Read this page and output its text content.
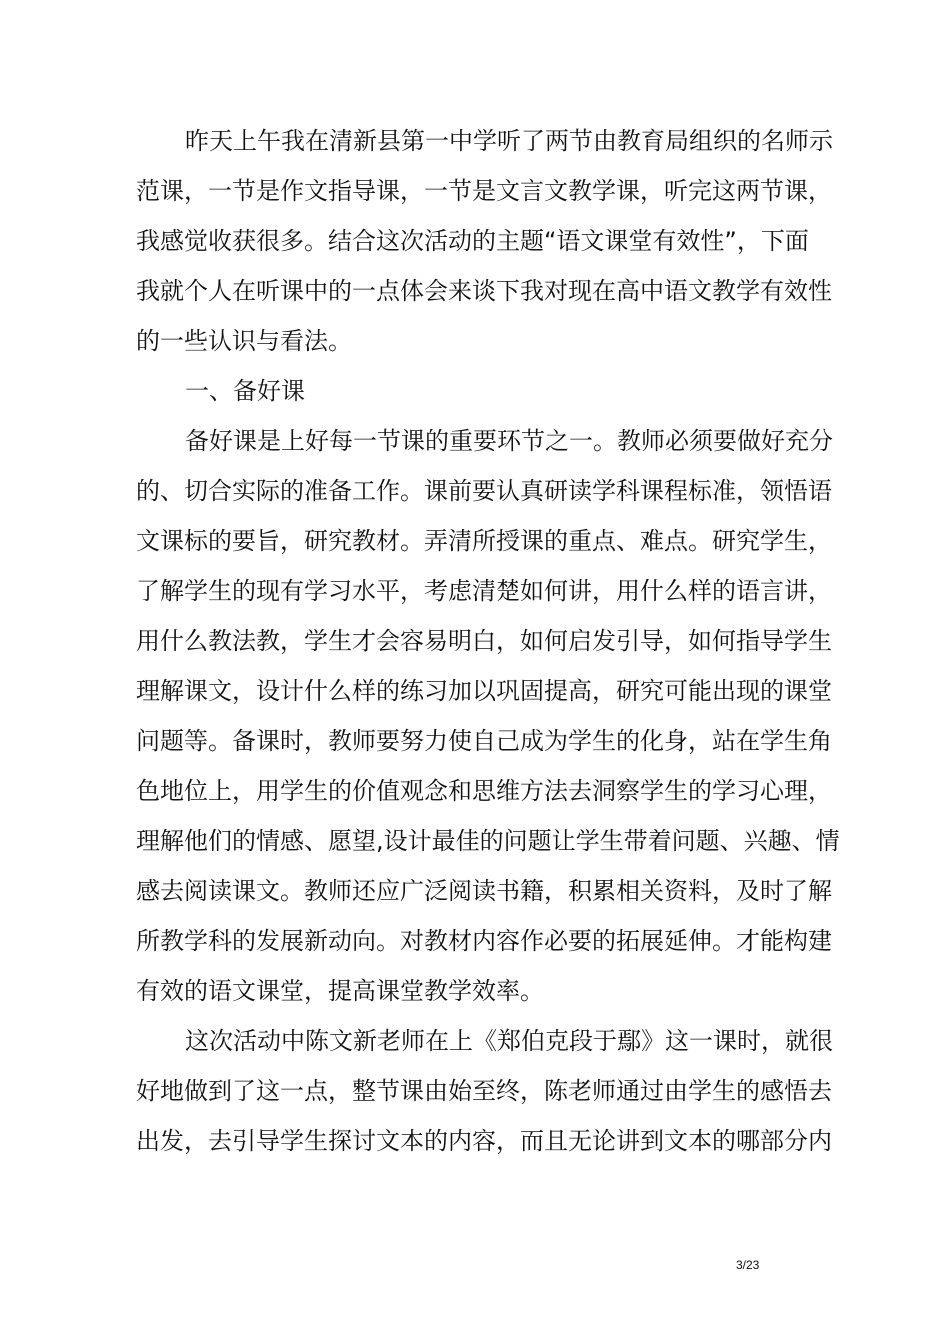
昨天上午我在清新县第一中学听了两节由教育局组织的名师示
范课，一节是作文指导课，一节是文言文教学课，听完这两节课，
我感觉收获很多。结合这次活动的主题“语文课堂有效性”，下面
我就个人在听课中的一点体会来谈下我对现在高中语文教学有效性
的一些认识与看法。
一、备好课
备好课是上好每一节课的重要环节之一。教师必须要做好充分
的、切合实际的准备工作。课前要认真研读学科课程标准，领悟语
文课标的要旨，研究教材。弄清所授课的重点、难点。研究学生，
了解学生的现有学习水平，考虑清楚如何讲，用什么样的语言讲，
用什么教法教，学生才会容易明白，如何启发引导，如何指导学生
理解课文，设计什么样的练习加以巩固提高，研究可能出现的课堂
问题等。备课时，教师要努力使自己成为学生的化身，站在学生角
色地位上，用学生的价值观念和思维方法去洞察学生的学习心理，
理解他们的情感、愿望,设计最佳的问题让学生带着问题、兴趣、情
感去阅读课文。教师还应广泛阅读书籍，积累相关资料，及时了解
所教学科的发展新动向。对教材内容作必要的拓展延伸。才能构建
有效的语文课堂，提高课堂教学效率。
这次活动中陈文新老师在上《郑伯克段于鄢》这一课时，就很
好地做到了这一点，整节课由始至终，陈老师通过由学生的感悟去
出发，去引导学生探讨文本的内容，而且无论讲到文本的哪部分内
3/23
